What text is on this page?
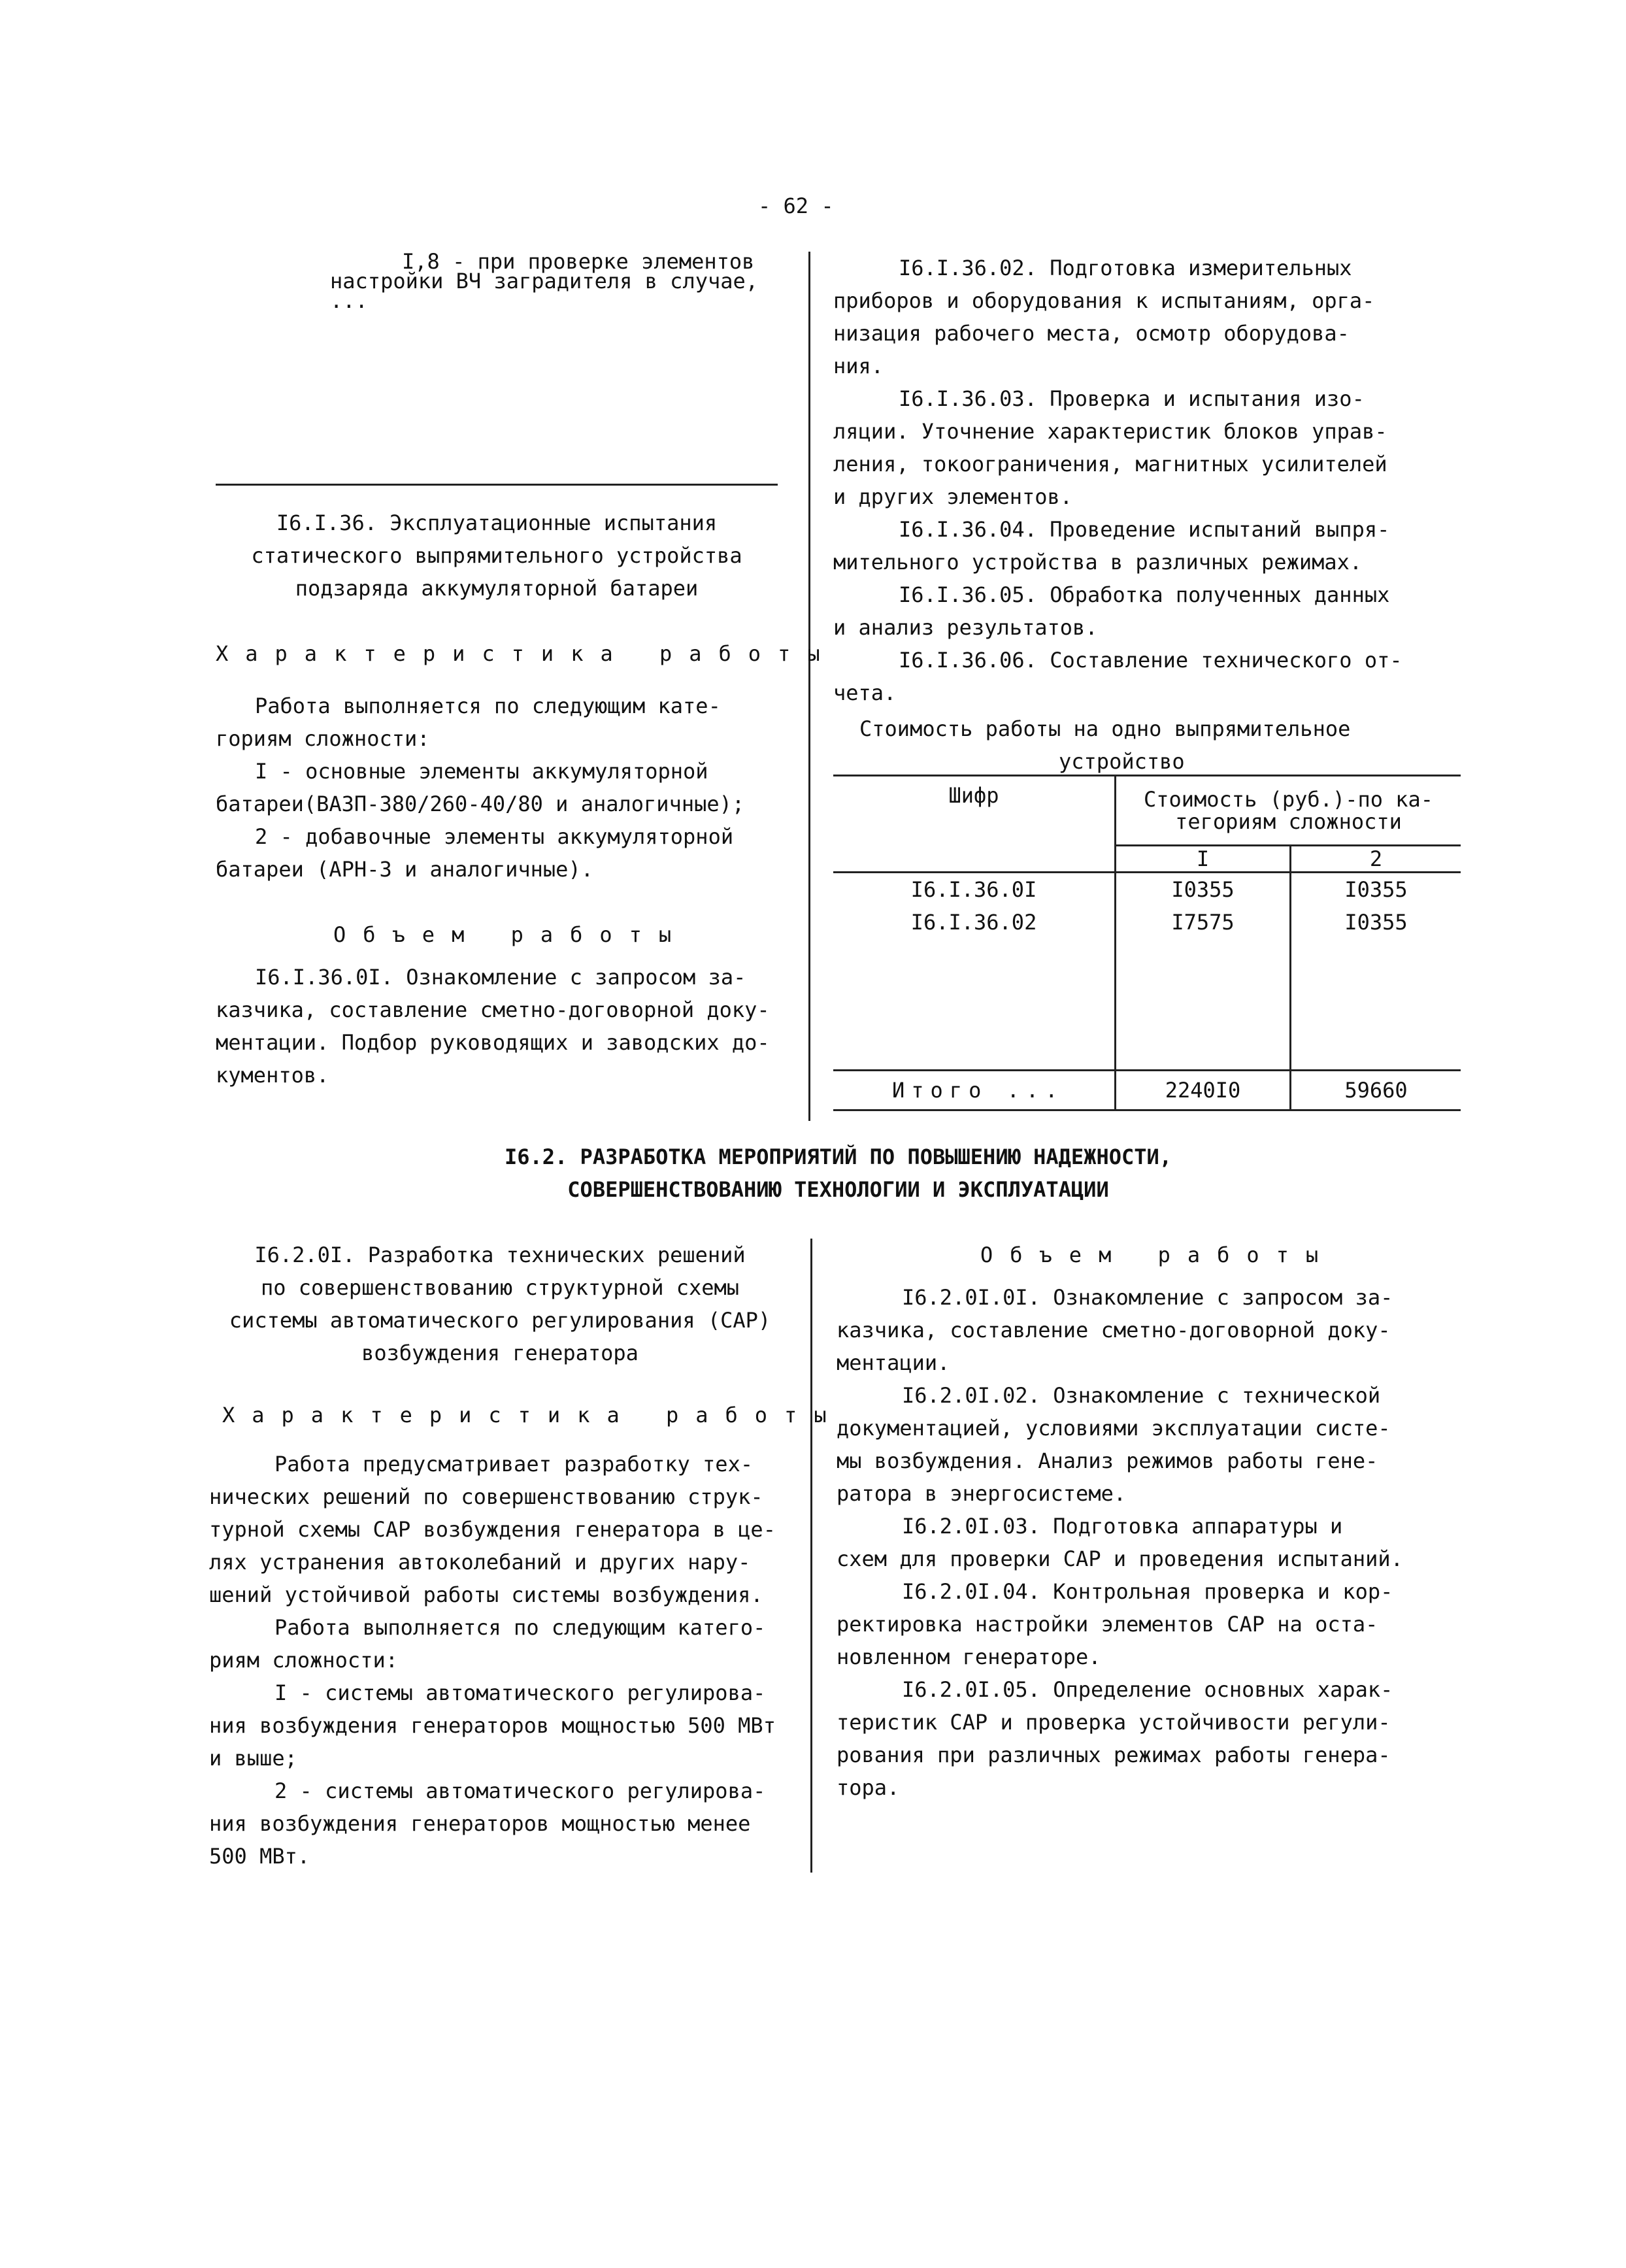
- 62 -
I,8 - при проверке элементов
настройки ВЧ заградителя в случае,
...
I6.I.36. Эксплуатационные испытания
статического выпрямительного устройства
подзаряда аккумуляторной батареи
Характеристика работы
Работа выполняется по следующим кате-
гориям сложности:
I - основные элементы аккумуляторной
батареи(ВАЗП-380/260-40/80 и аналогичные);
2 - добавочные элементы аккумуляторной
батареи (АРН-3 и аналогичные).
Объем работы
I6.I.36.0I. Ознакомление с запросом за-
казчика, составление сметно-договорной доку-
ментации. Подбор руководящих и заводских до-
кументов.
I6.I.36.02. Подготовка измерительных
приборов и оборудования к испытаниям, орга-
низация рабочего места, осмотр оборудова-
ния.
I6.I.36.03. Проверка и испытания изо-
ляции. Уточнение характеристик блоков управ-
ления, токоограничения, магнитных усилителей
и других элементов.
I6.I.36.04. Проведение испытаний выпря-
мительного устройства в различных режимах.
I6.I.36.05. Обработка полученных данных
и анализ результатов.
I6.I.36.06. Составление технического от-
чета.
Стоимость работы на одно выпрямительное
устройство
Шифр	Стоимость (руб.)-по ка-
тегориям сложности	

	I	2
I6.I.36.0I	I0355	I0355
I6.I.36.02	I7575	I0355

Итого ...	2240I0	59660
I6.2. РАЗРАБОТКА МЕРОПРИЯТИЙ ПО ПОВЫШЕНИЮ НАДЕЖНОСТИ,
СОВЕРШЕНСТВОВАНИЮ ТЕХНОЛОГИИ И ЭКСПЛУАТАЦИИ
I6.2.0I. Разработка технических решений
по совершенствованию структурной схемы
системы автоматического регулирования (САР)
возбуждения генератора
Характеристика работы
Работа предусматривает разработку тех-
нических решений по совершенствованию струк-
турной схемы САР возбуждения генератора в це-
лях устранения автоколебаний и других нару-
шений устойчивой работы системы возбуждения.
Работа выполняется по следующим катего-
риям сложности:
I - системы автоматического регулирова-
ния возбуждения генераторов мощностью 500 МВт
и выше;
2 - системы автоматического регулирова-
ния возбуждения генераторов мощностью менее
500 МВт.
Объем работы
I6.2.0I.0I. Ознакомление с запросом за-
казчика, составление сметно-договорной доку-
ментации.
I6.2.0I.02. Ознакомление с технической
документацией, условиями эксплуатации систе-
мы возбуждения. Анализ режимов работы гене-
ратора в энергосистеме.
I6.2.0I.03. Подготовка аппаратуры и
схем для проверки САР и проведения испытаний.
I6.2.0I.04. Контрольная проверка и кор-
ректировка настройки элементов САР на оста-
новленном генераторе.
I6.2.0I.05. Определение основных харак-
теристик САР и проверка устойчивости регули-
рования при различных режимах работы генера-
тора.
